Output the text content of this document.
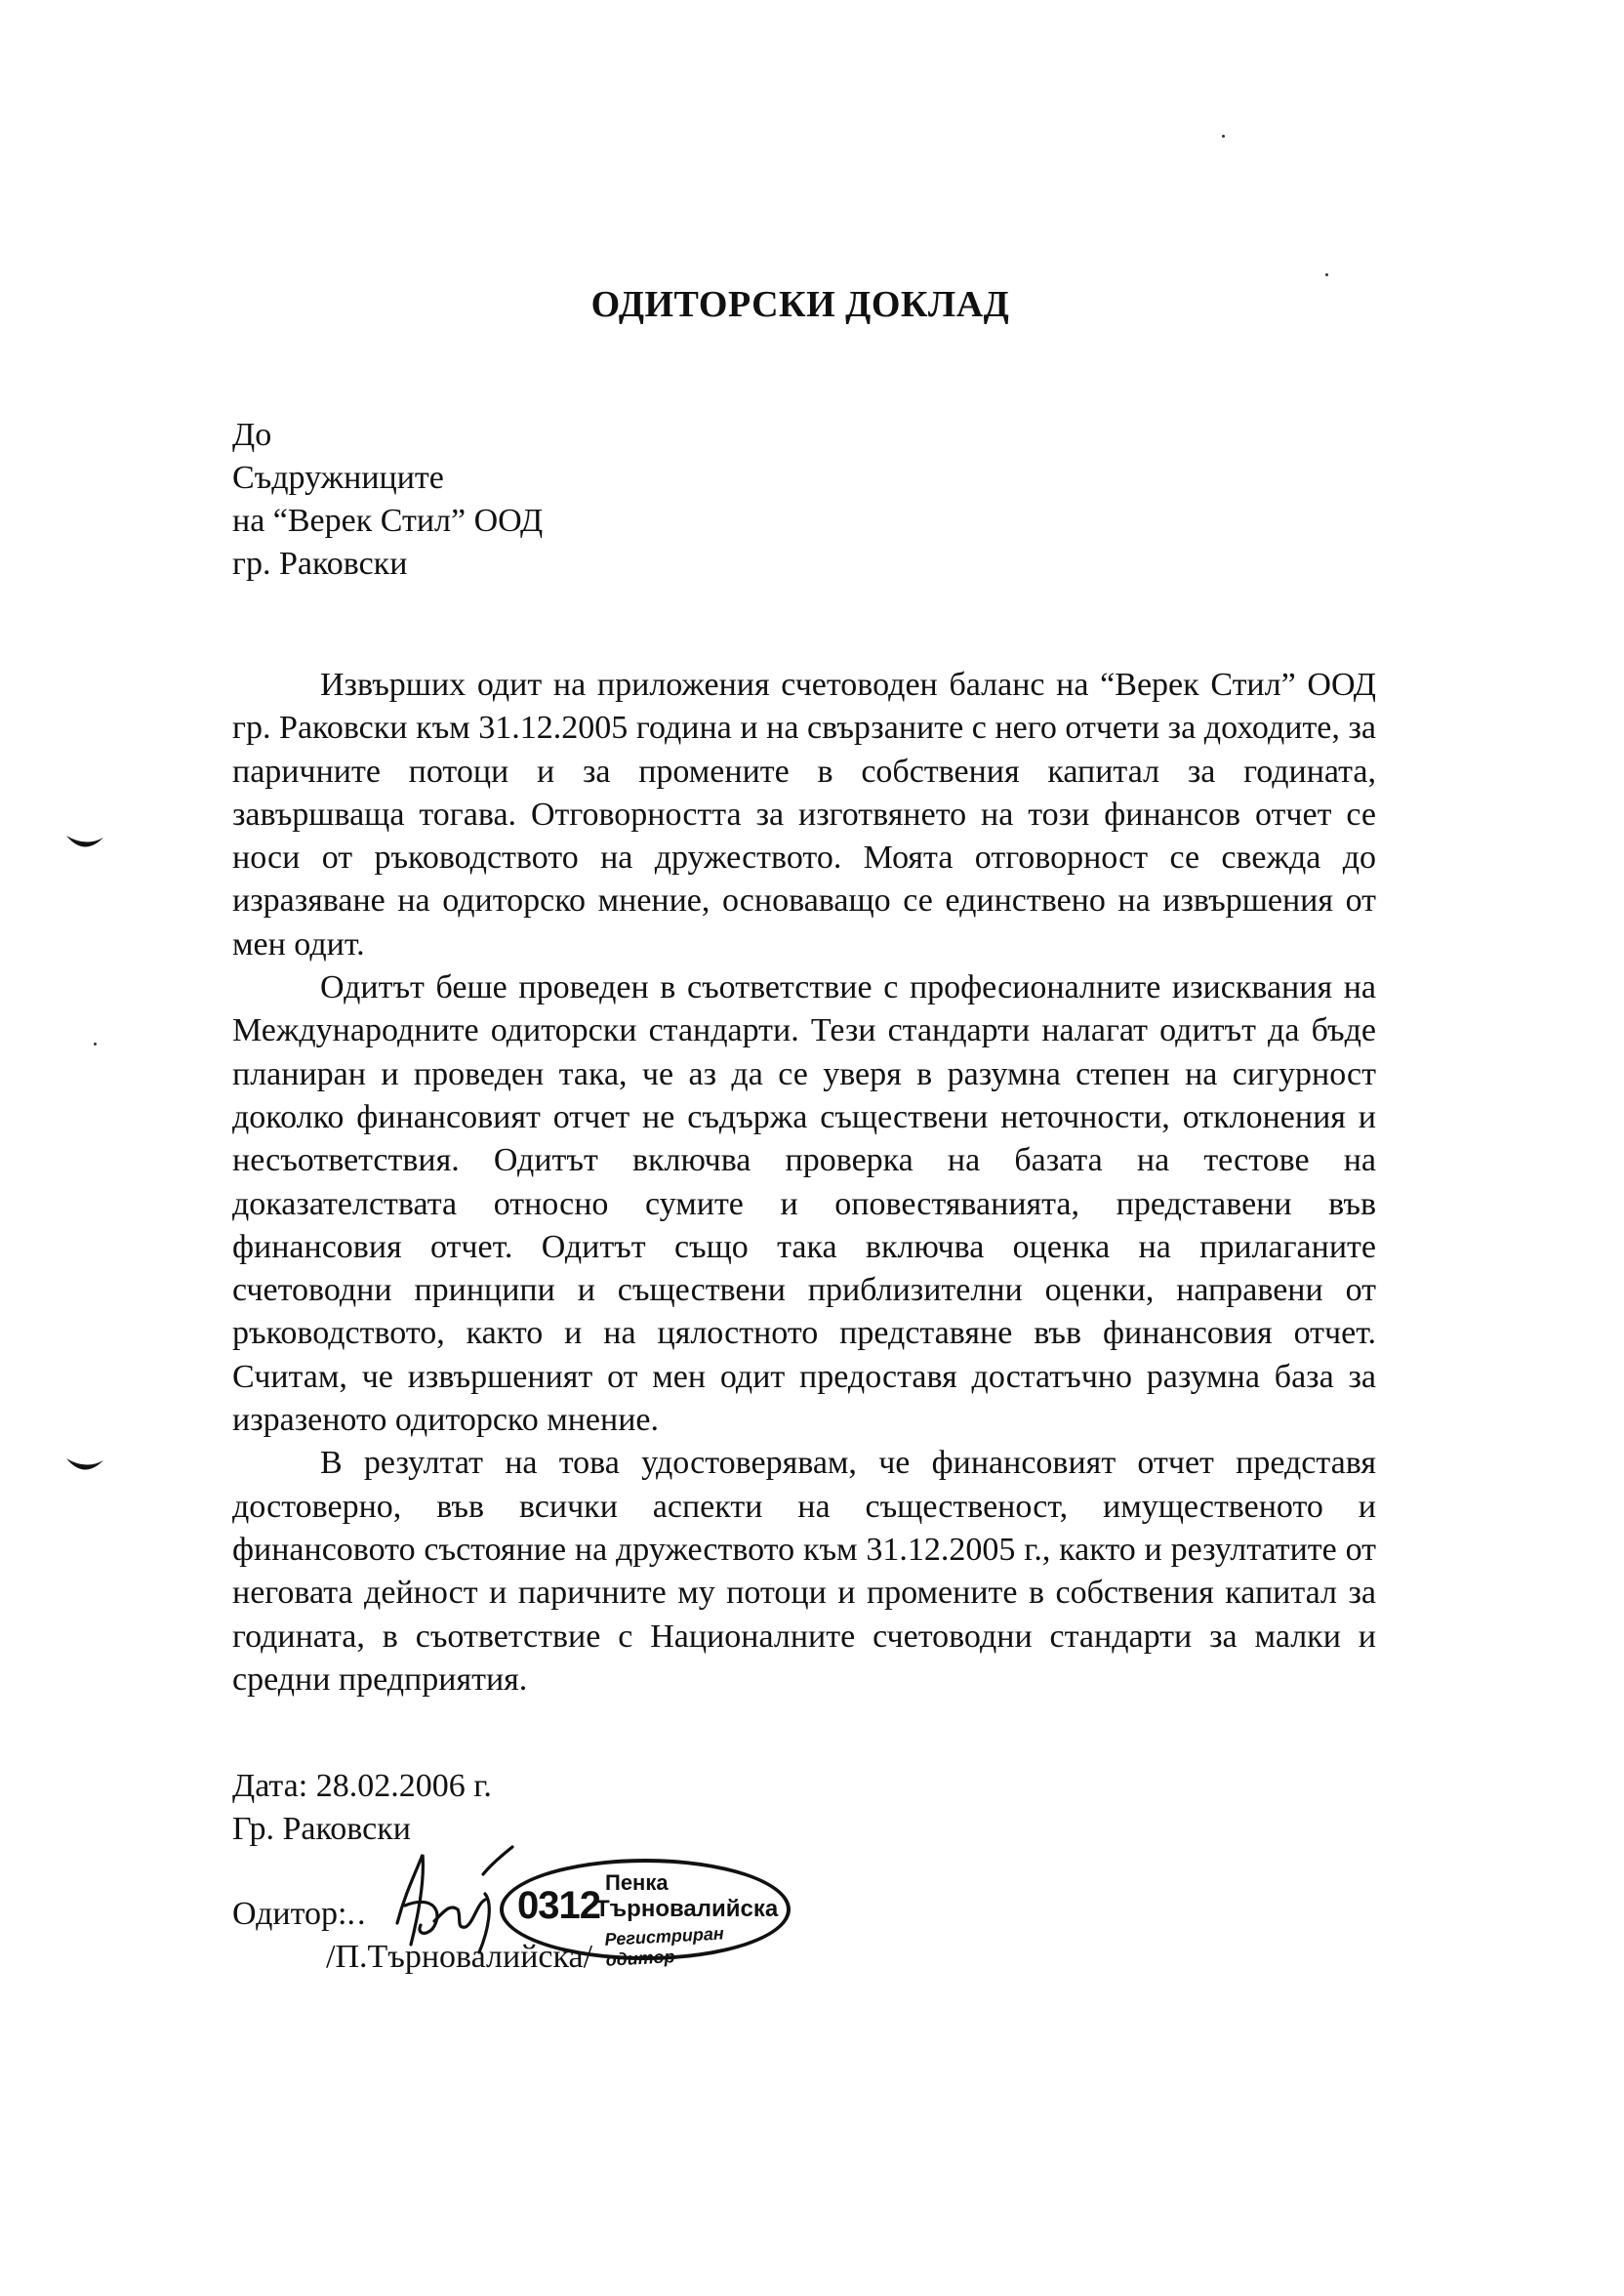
ОДИТОРСКИ ДОКЛАД
До
Съдружниците
на “Верек Стил” ООД
гр. Раковски

Извърших одит на приложения счетоводен баланс на “Верек Стил” ООД гр. Раковски към 31.12.2005 година и на свързаните с него отчети за доходите, за паричните потоци и за промените в собствения капитал за годината, завършваща тогава. Отговорността за изготвянето на този финансов отчет се носи от ръководството на дружеството. Моята отговорност се свежда до изразяване на одиторско мнение, основаващо се единствено на извършения от мен одит.

Одитът беше проведен в съответствие с професионалните изисквания на Международните одиторски стандарти. Тези стандарти налагат одитът да бъде планиран и проведен така, че аз да се уверя в разумна степен на сигурност доколко финансовият отчет не съдържа съществени неточности, отклонения и несъответствия. Одитът включва проверка на базата на тестове на доказателствата относно сумите и оповестяванията, представени във финансовия отчет. Одитът също така включва оценка на прилаганите счетоводни принципи и съществени приблизителни оценки, направени от ръководството, както и на цялостното представяне във финансовия отчет. Считам, че извършеният от мен одит предоставя достатъчно разумна база за изразеното одиторско мнение.

В резултат на това удостоверявам, че финансовият отчет представя достоверно, във всички аспекти на същественост, имущественото и финансовото състояние на дружеството към 31.12.2005 г., както и резултатите от неговата дейност и паричните му потоци и промените в собствения капитал за годината, в съответствие с Националните счетоводни стандарти за малки и средни предприятия.

Дата: 28.02.2006 г.
Гр. Раковски
Одитор:..
/П.Търновалийска/
0312
Пенка
Търновалийска
Регистриран одитор
